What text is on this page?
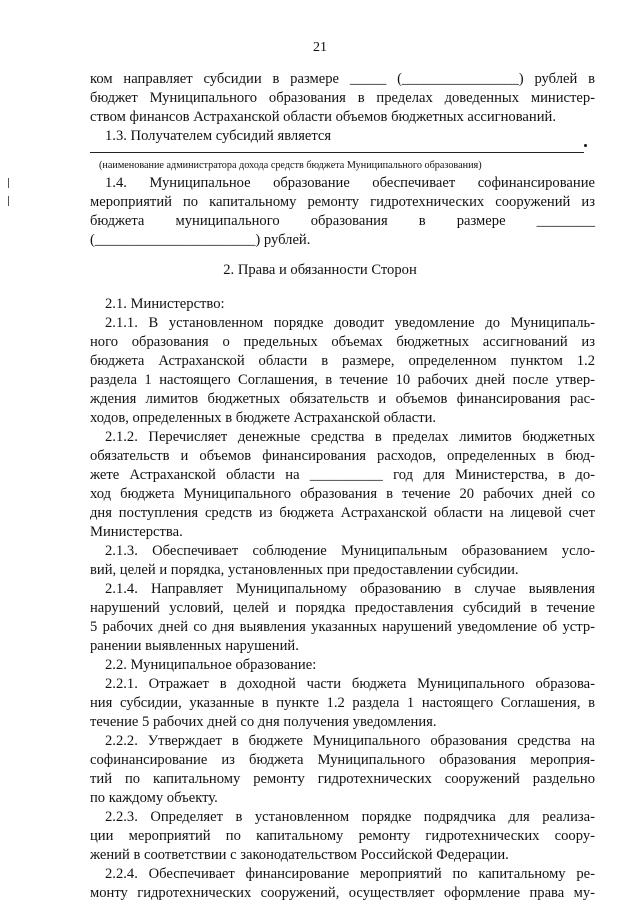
21
ком направляет субсидии в размере _____ (________________) рублей в
бюджет Муниципального образования в пределах доведенных министер-
ством финансов Астраханской области объемов бюджетных ассигнований.
1.3. Получателем субсидий является
(наименование администратора дохода средств бюджета Муниципального образования)
1.4. Муниципальное образование обеспечивает софинансирование
мероприятий по капитальному ремонту гидротехнических сооружений из
бюджета муниципального образования в размере ________
(______________________) рублей.
2. Права и обязанности Сторон
2.1. Министерство:
2.1.1. В установленном порядке доводит уведомление до Муниципаль-
ного образования о предельных объемах бюджетных ассигнований из
бюджета Астраханской области в размере, определенном пунктом 1.2
раздела 1 настоящего Соглашения, в течение 10 рабочих дней после утвер-
ждения лимитов бюджетных обязательств и объемов финансирования рас-
ходов, определенных в бюджете Астраханской области.
2.1.2. Перечисляет денежные средства в пределах лимитов бюджетных
обязательств и объемов финансирования расходов, определенных в бюд-
жете Астраханской области на __________ год для Министерства, в до-
ход бюджета Муниципального образования в течение 20 рабочих дней со
дня поступления средств из бюджета Астраханской области на лицевой счет
Министерства.
2.1.3. Обеспечивает соблюдение Муниципальным образованием усло-
вий, целей и порядка, установленных при предоставлении субсидии.
2.1.4. Направляет Муниципальному образованию в случае выявления
нарушений условий, целей и порядка предоставления субсидий в течение
5 рабочих дней со дня выявления указанных нарушений уведомление об устр-
ранении выявленных нарушений.
2.2. Муниципальное образование:
2.2.1. Отражает в доходной части бюджета Муниципального образова-
ния субсидии, указанные в пункте 1.2 раздела 1 настоящего Соглашения, в
течение 5 рабочих дней со дня получения уведомления.
2.2.2. Утверждает в бюджете Муниципального образования средства на
софинансирование из бюджета Муниципального образования мероприя-
тий по капитальному ремонту гидротехнических сооружений раздельно
по каждому объекту.
2.2.3. Определяет в установленном порядке подрядчика для реализа-
ции мероприятий по капитальному ремонту гидротехнических соору-
жений в соответствии с законодательством Российской Федерации.
2.2.4. Обеспечивает финансирование мероприятий по капитальному ре-
монту гидротехнических сооружений, осуществляет оформление права му-
